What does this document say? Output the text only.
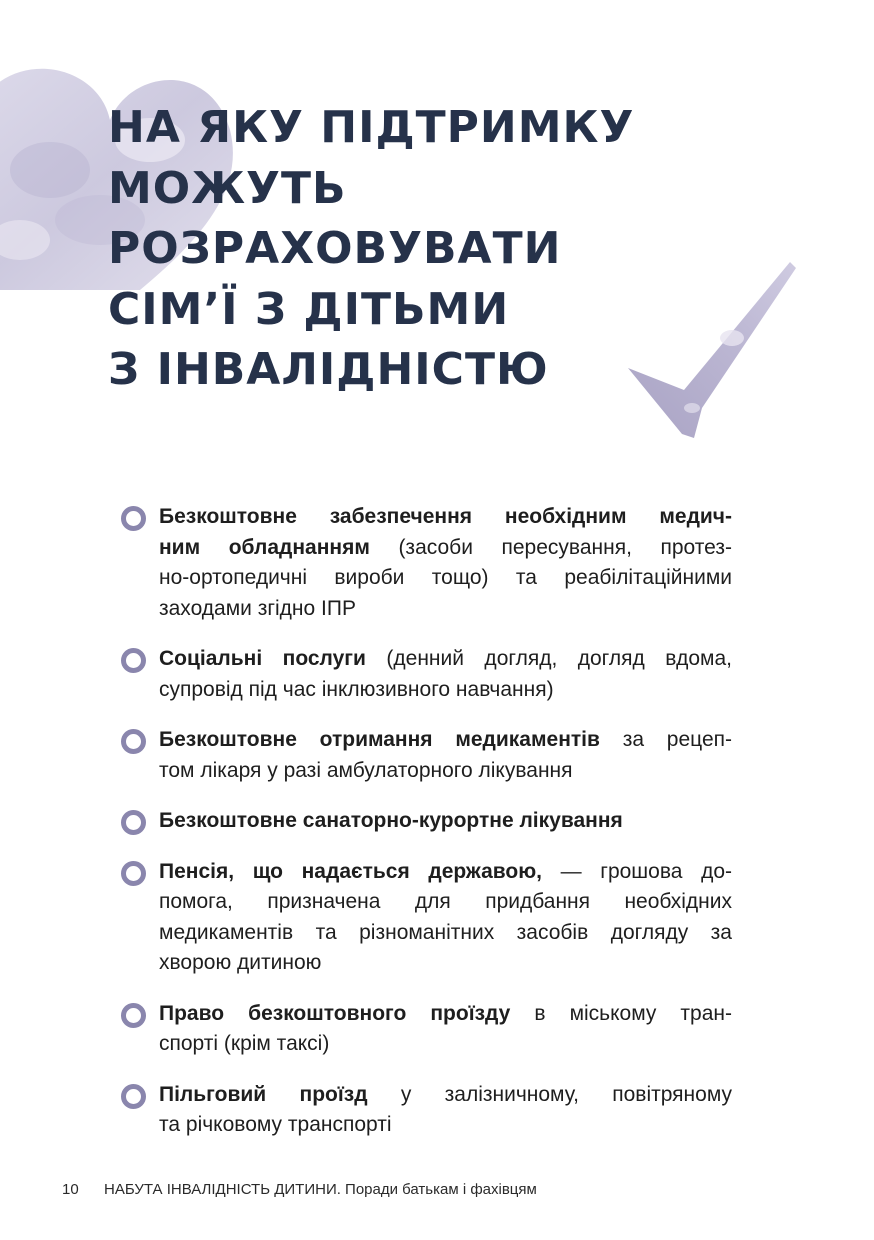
НА ЯКУ ПІДТРИМКУ
МОЖУТЬ
РОЗРАХОВУВАТИ
СІМ’Ї З ДІТЬМИ
З ІНВАЛІДНІСТЮ
Безкоштовне забезпечення необхідним медич-
ним обладнанням (засоби пересування, протез-
но-ортопедичні вироби тощо) та реабілітаційними
заходами згідно ІПР
Соціальні послуги (денний догляд, догляд вдома,
супровід під час інклюзивного навчання)
Безкоштовне отримання медикаментів за рецеп-
том лікаря у разі амбулаторного лікування
Безкоштовне санаторно-курортне лікування
Пенсія, що надається державою, — грошова до-
помога, призначена для придбання необхідних
медикаментів та різноманітних засобів догляду за
хворою дитиною
Право безкоштовного проїзду в міському тран-
спорті (крім таксі)
Пільговий проїзд у залізничному, повітряному
та річковому транспорті
10 НАБУТА ІНВАЛІДНІСТЬ ДИТИНИ. Поради батькам і фахівцям
